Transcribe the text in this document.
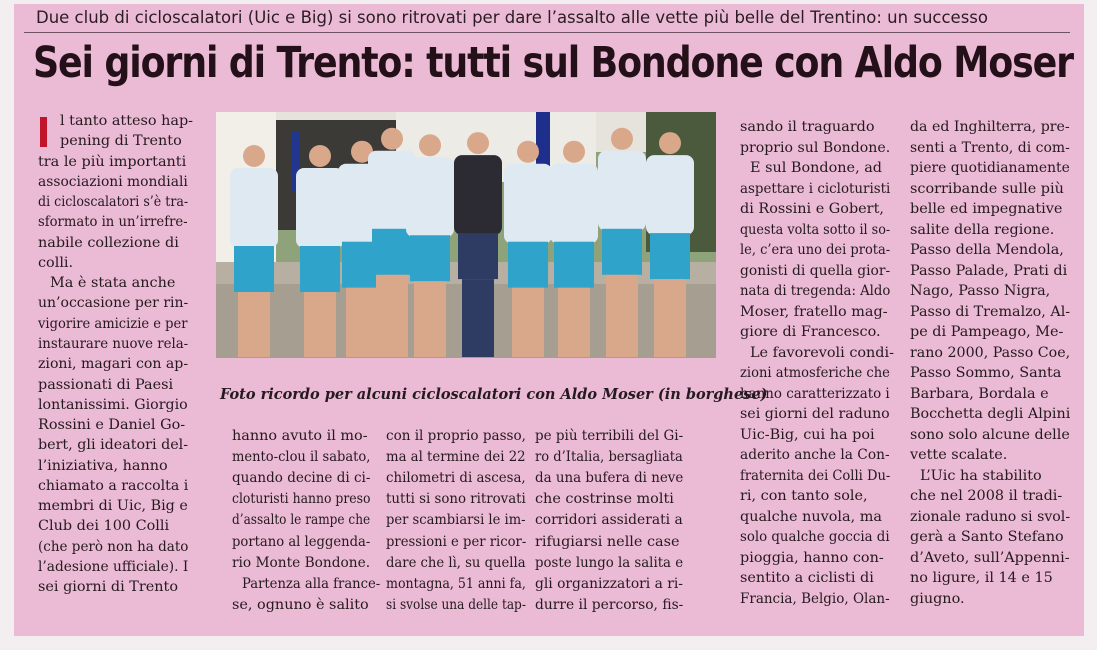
Due club di cicloscalatori (Uic e Big) si sono ritrovati per dare l’assalto alle vette più belle del Trentino: un successo
Sei giorni di Trento: tutti sul Bondone con Aldo Moser
Foto ricordo per alcuni cicloscalatori con Aldo Moser (in borghese)
l tanto atteso hap-
pening di Trento
tra le più importanti
associazioni mondiali
di cicloscalatori s’è tra-
sformato in un’irrefre-
nabile collezione di
colli.
Ma è stata anche
un’occasione per rin-
vigorire amicizie e per
instaurare nuove rela-
zioni, magari con ap-
passionati di Paesi
lontanissimi. Giorgio
Rossini e Daniel Go-
bert, gli ideatori del-
l’iniziativa, hanno
chiamato a raccolta i
membri di Uic, Big e
Club dei 100 Colli
(che però non ha dato
l’adesione ufficiale). I
sei giorni di Trento
hanno avuto il mo-
mento-clou il sabato,
quando decine di ci-
cloturisti hanno preso
d’assalto le rampe che
portano al leggenda-
rio Monte Bondone.
Partenza alla france-
se, ognuno è salito
con il proprio passo,
ma al termine dei 22
chilometri di ascesa,
tutti si sono ritrovati
per scambiarsi le im-
pressioni e per ricor-
dare che lì, su quella
montagna, 51 anni fa,
si svolse una delle tap-
pe più terribili del Gi-
ro d’Italia, bersagliata
da una bufera di neve
che costrinse molti
corridori assiderati a
rifugiarsi nelle case
poste lungo la salita e
gli organizzatori a ri-
durre il percorso, fis-
sando il traguardo
proprio sul Bondone.
E sul Bondone, ad
aspettare i cicloturisti
di Rossini e Gobert,
questa volta sotto il so-
le, c’era uno dei prota-
gonisti di quella gior-
nata di tregenda: Aldo
Moser, fratello mag-
giore di Francesco.
Le favorevoli condi-
zioni atmosferiche che
hanno caratterizzato i
sei giorni del raduno
Uic-Big, cui ha poi
aderito anche la Con-
fraternita dei Colli Du-
ri, con tanto sole,
qualche nuvola, ma
solo qualche goccia di
pioggia, hanno con-
sentito a ciclisti di
Francia, Belgio, Olan-
da ed Inghilterra, pre-
senti a Trento, di com-
piere quotidianamente
scorribande sulle più
belle ed impegnative
salite della regione.
Passo della Mendola,
Passo Palade, Prati di
Nago, Passo Nigra,
Passo di Tremalzo, Al-
pe di Pampeago, Me-
rano 2000, Passo Coe,
Passo Sommo, Santa
Barbara, Bordala e
Bocchetta degli Alpini
sono solo alcune delle
vette scalate.
L’Uic ha stabilito
che nel 2008 il tradi-
zionale raduno si svol-
gerà a Santo Stefano
d’Aveto, sull’Appenni-
no ligure, il 14 e 15
giugno.
